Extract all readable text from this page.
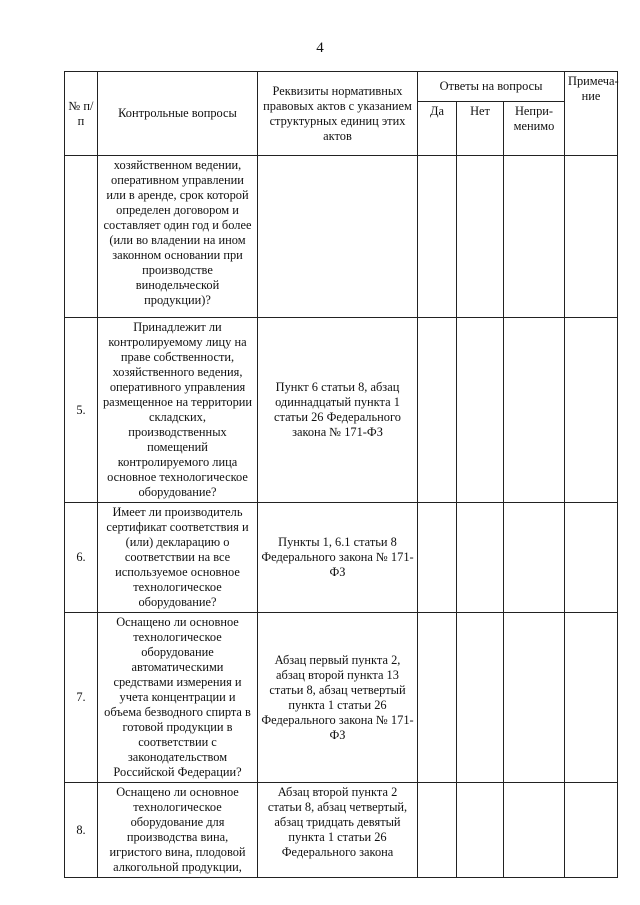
4
№ п/п	Контрольные вопросы	Реквизиты нормативных правовых актов с указанием структурных единиц этих актов	Ответы на вопросы			Примеча-ние
			Да	Нет	Непри-менимо	
	хозяйственном ведении, оперативном управлении или в аренде, срок которой определен договором и составляет один год и более (или во владении на ином законном основании при производстве винодельческой продукции)?					
5.	Принадлежит ли контролируемому лицу на праве собственности, хозяйственного ведения, оперативного управления размещенное на территории складских, производственных помещений контролируемого лица основное технологическое оборудование?	Пункт 6 статьи 8, абзац одиннадцатый пункта 1 статьи 26 Федерального закона № 171-ФЗ				
6.	Имеет ли производитель сертификат соответствия и (или) декларацию о соответствии на все используемое основное технологическое оборудование?	Пункты 1, 6.1 статьи 8 Федерального закона № 171-ФЗ				
7.	Оснащено ли основное технологическое оборудование автоматическими средствами измерения и учета концентрации и объема безводного спирта в готовой продукции в соответствии с законодательством Российской Федерации?	Абзац первый пункта 2, абзац второй пункта 13 статьи 8, абзац четвертый пункта 1 статьи 26 Федерального закона № 171-ФЗ				
8.	Оснащено ли основное технологическое оборудование для производства вина, игристого вина, плодовой алкогольной продукции,	Абзац второй пункта 2 статьи 8, абзац четвертый, абзац тридцать девятый пункта 1 статьи 26 Федерального закона				
